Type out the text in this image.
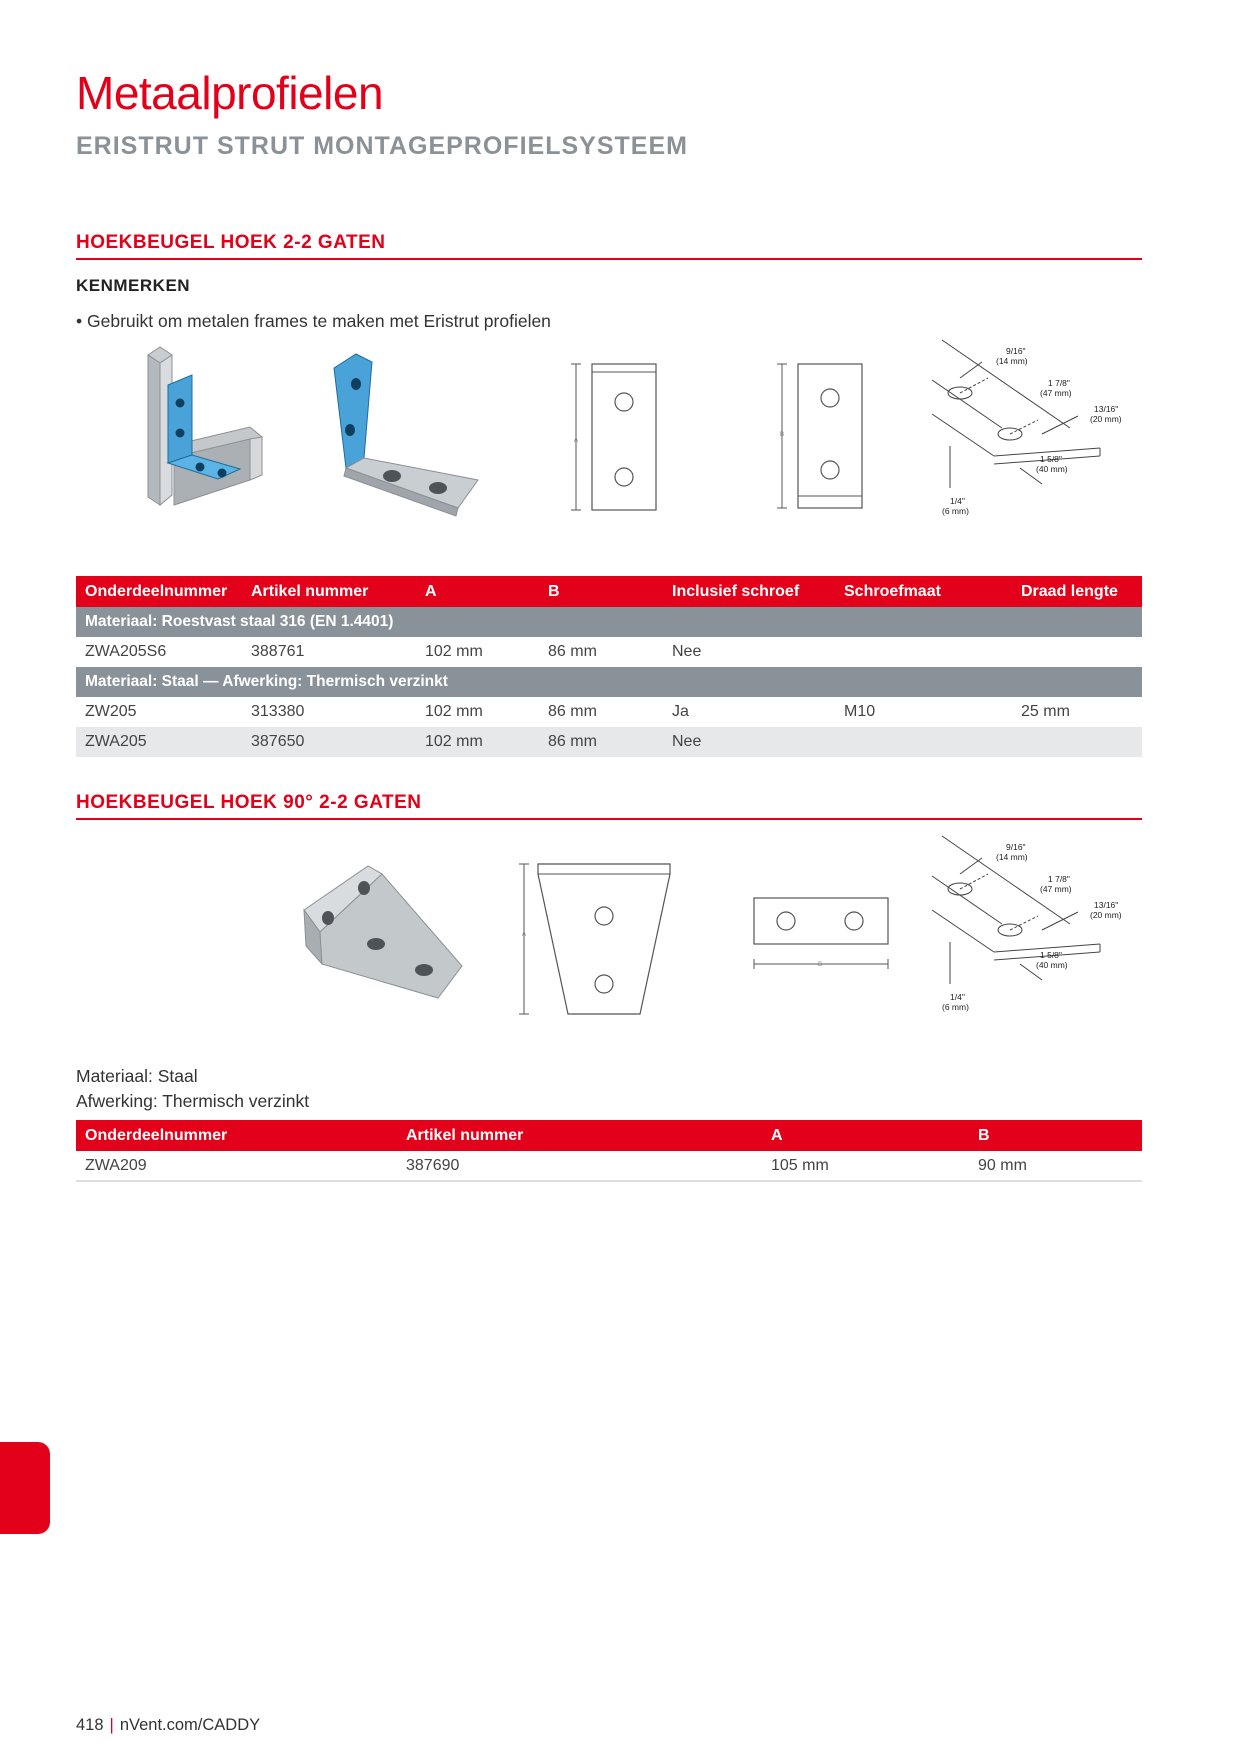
Metaalprofielen
ERISTRUT STRUT MONTAGEPROFIELSYSTEEM
HOEKBEUGEL HOEK 2-2 GATEN
KENMERKEN
• Gebruikt om metalen frames te maken met Eristrut profielen
A
B
9/16"
(14 mm)
1 7/8"
(47 mm)
13/16"
(20 mm)
1 5/8"
(40 mm)
1/4"
(6 mm)
Onderdeelnummer	Artikel nummer	A	B	Inclusief schroef	Schroefmaat	Draad lengte
Materiaal: Roestvast staal 316 (EN 1.4401)						
ZWA205S6	388761	102 mm	86 mm	Nee		
Materiaal: Staal — Afwerking: Thermisch verzinkt						
ZW205	313380	102 mm	86 mm	Ja	M10	25 mm
ZWA205	387650	102 mm	86 mm	Nee		
HOEKBEUGEL HOEK 90° 2-2 GATEN
A
B
9/16"
(14 mm)
1 7/8"
(47 mm)
13/16"
(20 mm)
1 5/8"
(40 mm)
1/4"
(6 mm)
Materiaal: Staal
Afwerking: Thermisch verzinkt
Onderdeelnummer	Artikel nummer	A	B
ZWA209	387690	105 mm	90 mm
418 | nVent.com/CADDY
